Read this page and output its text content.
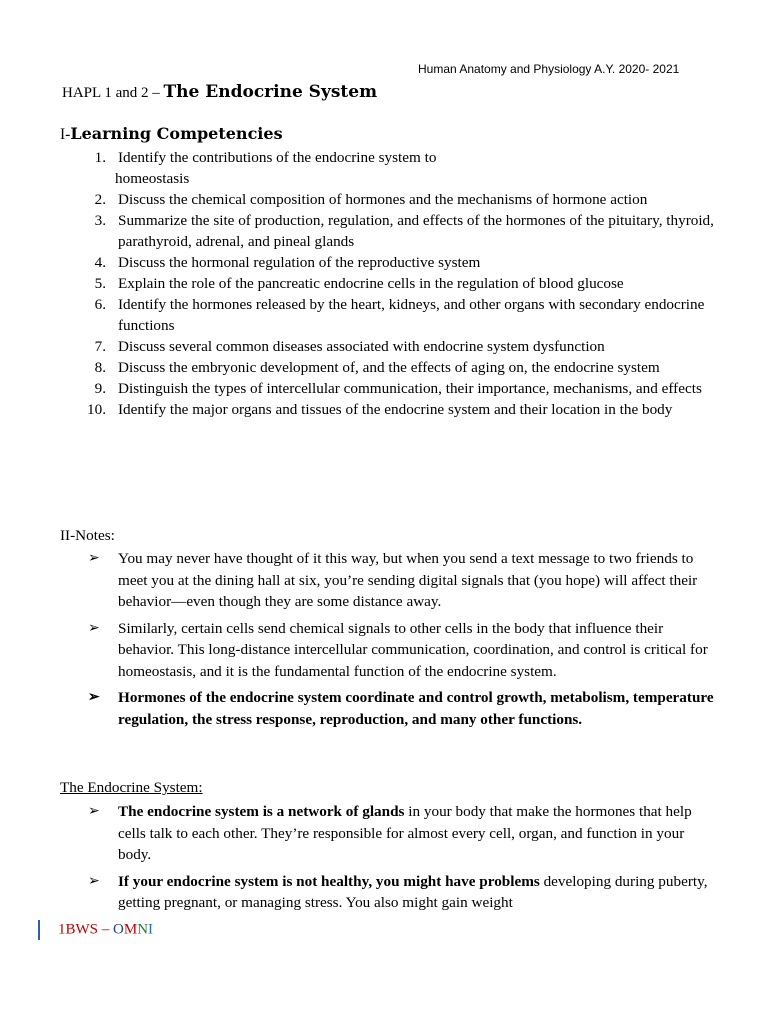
Human Anatomy and Physiology A.Y. 2020- 2021
HAPL 1 and 2 – The Endocrine System
I-Learning Competencies
1. Identify the contributions of the endocrine system to
homeostasis
2. Discuss the chemical composition of hormones and the mechanisms of hormone action
3. Summarize the site of production, regulation, and effects of the hormones of the pituitary, thyroid, parathyroid, adrenal, and pineal glands
4. Discuss the hormonal regulation of the reproductive system
5. Explain the role of the pancreatic endocrine cells in the regulation of blood glucose
6. Identify the hormones released by the heart, kidneys, and other organs with secondary endocrine functions
7. Discuss several common diseases associated with endocrine system dysfunction
8. Discuss the embryonic development of, and the effects of aging on, the endocrine system
9. Distinguish the types of intercellular communication, their importance, mechanisms, and effects
10. Identify the major organs and tissues of the endocrine system and their location in the body
II-Notes:
➢ You may never have thought of it this way, but when you send a text message to two friends to meet you at the dining hall at six, you’re sending digital signals that (you hope) will affect their behavior—even though they are some distance away.
➢ Similarly, certain cells send chemical signals to other cells in the body that influence their behavior. This long-distance intercellular communication, coordination, and control is critical for homeostasis, and it is the fundamental function of the endocrine system.
➢ Hormones of the endocrine system coordinate and control growth, metabolism, temperature regulation, the stress response, reproduction, and many other functions.
The Endocrine System:
➢ The endocrine system is a network of glands in your body that make the hormones that help cells talk to each other. They’re responsible for almost every cell, organ, and function in your body.
➢ If your endocrine system is not healthy, you might have problems developing during puberty, getting pregnant, or managing stress. You also might gain weight
1BWS – OMNI
